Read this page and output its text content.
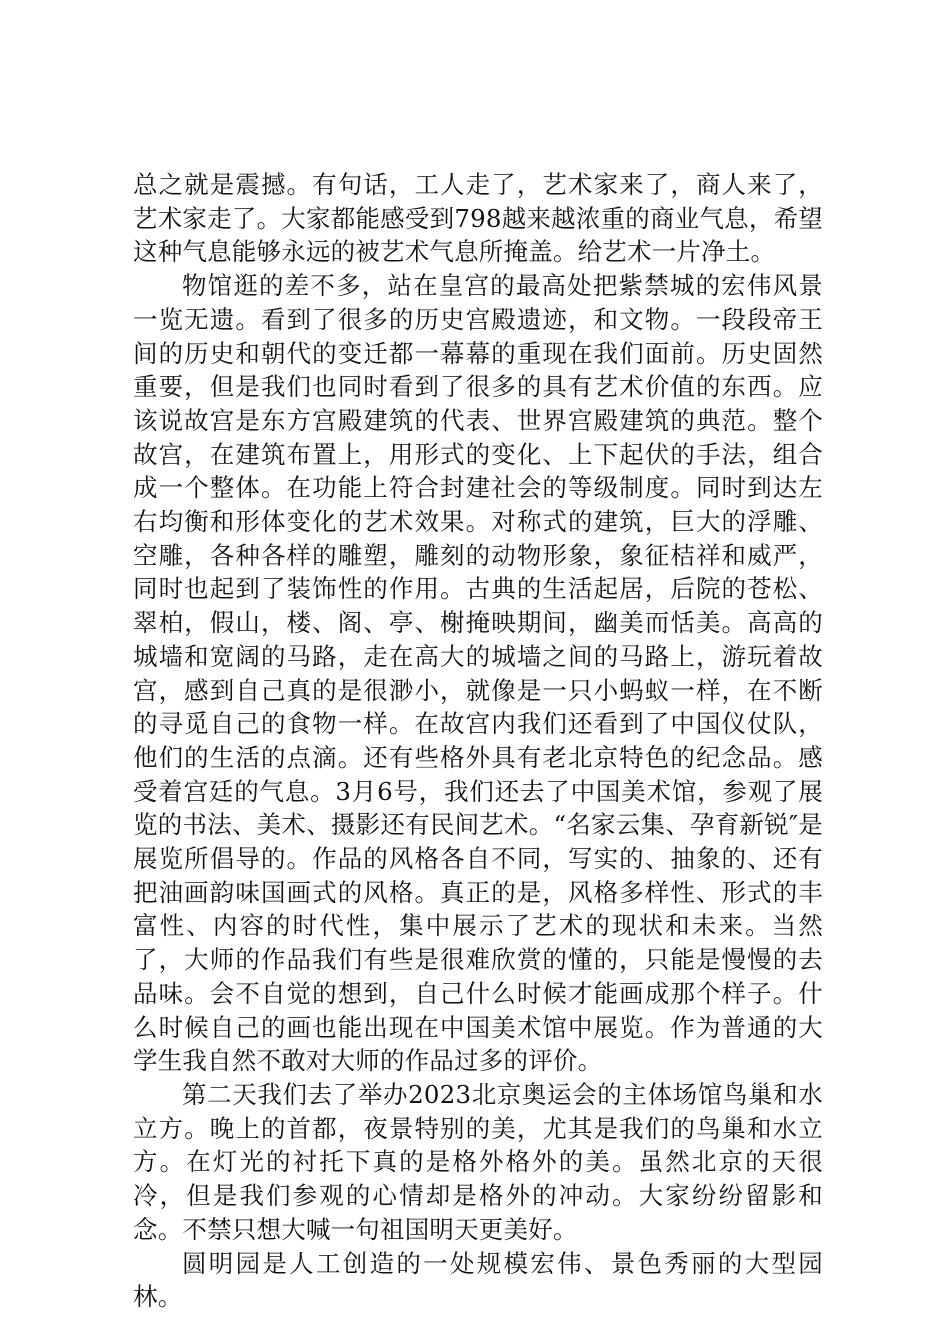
总之就是震撼。有句话，工人走了，艺术家来了，商人来了，艺术家走了。大家都能感受到798越来越浓重的商业气息，希望这种气息能够永远的被艺术气息所掩盖。给艺术一片净土。

物馆逛的差不多，站在皇宫的最高处把紫禁城的宏伟风景一览无遗。看到了很多的历史宫殿遗迹，和文物。一段段帝王间的历史和朝代的变迁都一幕幕的重现在我们面前。历史固然重要，但是我们也同时看到了很多的具有艺术价值的东西。应该说故宫是东方宫殿建筑的代表、世界宫殿建筑的典范。整个故宫，在建筑布置上，用形式的变化、上下起伏的手法，组合成一个整体。在功能上符合封建社会的等级制度。同时到达左右均衡和形体变化的艺术效果。对称式的建筑，巨大的浮雕、空雕，各种各样的雕塑，雕刻的动物形象，象征桔祥和威严，同时也起到了装饰性的作用。古典的生活起居，后院的苍松、翠柏，假山，楼、阁、亭、榭掩映期间，幽美而恬美。高高的城墙和宽阔的马路，走在高大的城墙之间的马路上，游玩着故宫，感到自己真的是很渺小，就像是一只小蚂蚁一样，在不断的寻觅自己的食物一样。在故宫内我们还看到了中国仪仗队，他们的生活的点滴。还有些格外具有老北京特色的纪念品。感受着宫廷的气息。3月6号，我们还去了中国美术馆，参观了展览的书法、美术、摄影还有民间艺术。“名家云集、孕育新锐″是展览所倡导的。作品的风格各自不同，写实的、抽象的、还有把油画韵味国画式的风格。真正的是，风格多样性、形式的丰富性、内容的时代性，集中展示了艺术的现状和未来。当然了，大师的作品我们有些是很难欣赏的懂的，只能是慢慢的去品味。会不自觉的想到，自己什么时候才能画成那个样子。什么时候自己的画也能出现在中国美术馆中展览。作为普通的大学生我自然不敢对大师的作品过多的评价。

第二天我们去了举办2023北京奥运会的主体场馆鸟巢和水立方。晚上的首都，夜景特别的美，尤其是我们的鸟巢和水立方。在灯光的衬托下真的是格外格外的美。虽然北京的天很冷，但是我们参观的心情却是格外的冲动。大家纷纷留影和念。不禁只想大喊一句祖国明天更美好。

圆明园是人工创造的一处规模宏伟、景色秀丽的大型园林。
